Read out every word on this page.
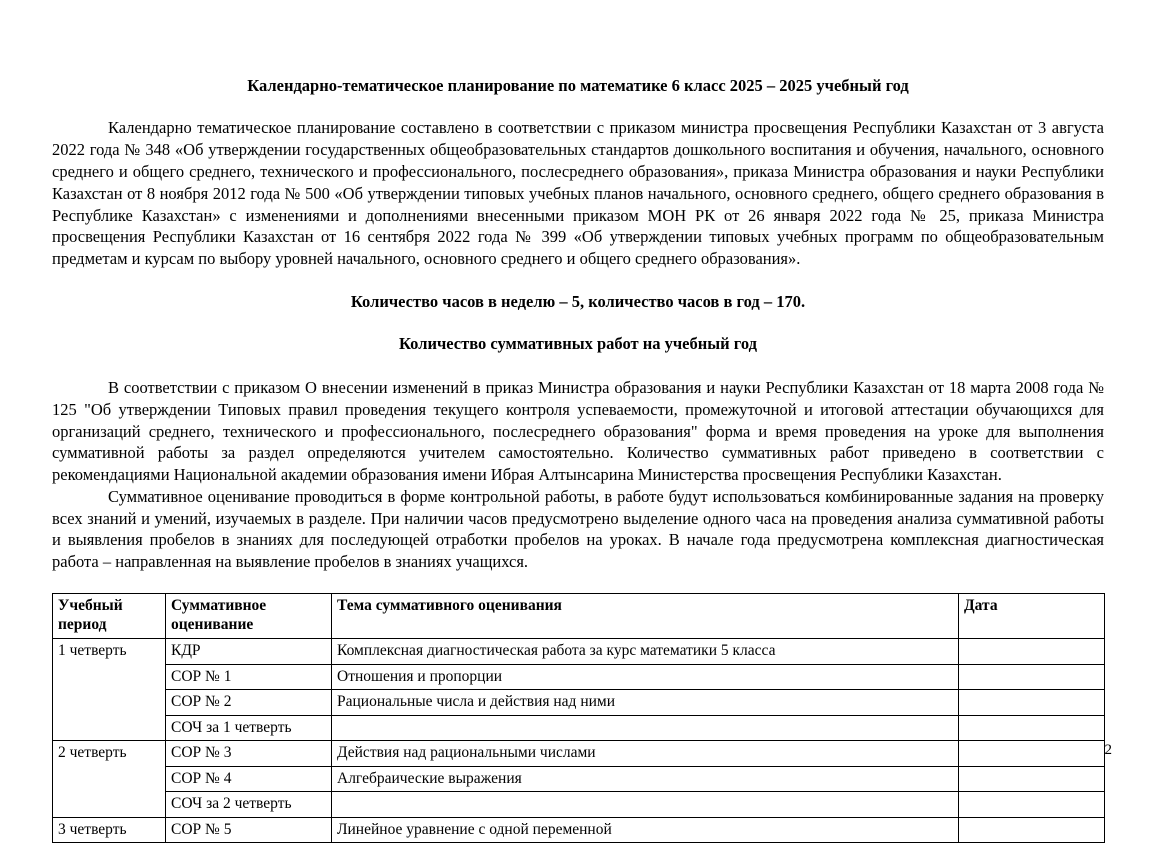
Календарно-тематическое планирование по математике 6 класс 2025 – 2025 учебный год

Календарно тематическое планирование составлено в соответствии с приказом министра просвещения Республики Казахстан от 3 августа 2022 года № 348 «Об утверждении государственных общеобразовательных стандартов дошкольного воспитания и обучения, начального, основного среднего и общего среднего, технического и профессионального, послесреднего образования», приказа Министра образования и науки Республики Казахстан от 8 ноября 2012 года № 500 «Об утверждении типовых учебных планов начального, основного среднего, общего среднего образования в Республике Казахстан» с изменениями и дополнениями внесенными приказом МОН РК от 26 января 2022 года № 25, приказа Министра просвещения Республики Казахстан от 16 сентября 2022 года № 399 «Об утверждении типовых учебных программ по общеобразовательным предметам и курсам по выбору уровней начального, основного среднего и общего среднего образования».

Количество часов в неделю – 5, количество часов в год – 170.

Количество суммативных работ на учебный год

В соответствии с приказом О внесении изменений в приказ Министра образования и науки Республики Казахстан от 18 марта 2008 года № 125 "Об утверждении Типовых правил проведения текущего контроля успеваемости, промежуточной и итоговой аттестации обучающихся для организаций среднего, технического и профессионального, послесреднего образования" форма и время проведения на уроке для выполнения суммативной работы за раздел определяются учителем самостоятельно. Количество суммативных работ приведено в соответствии с рекомендациями Национальной академии образования имени Ибрая Алтынсарина Министерства просвещения Республики Казахстан.

Суммативное оценивание проводиться в форме контрольной работы, в работе будут использоваться комбинированные задания на проверку всех знаний и умений, изучаемых в разделе. При наличии часов предусмотрено выделение одного часа на проведения анализа суммативной работы и выявления пробелов в знаниях для последующей отработки пробелов на уроках. В начале года предусмотрена комплексная диагностическая работа – направленная на выявление пробелов в знаниях учащихся.

Учебный период	Суммативное оценивание	Тема суммативного оценивания	Дата
1 четверть	КДР	Комплексная диагностическая работа за курс математики 5 класса	
	СОР № 1	Отношения и пропорции	
	СОР № 2	Рациональные числа и действия над ними	
	СОЧ за 1 четверть		
2 четверть	СОР № 3	Действия над рациональными числами	
	СОР № 4	Алгебраические выражения	
	СОЧ за 2 четверть		
3 четверть	СОР № 5	Линейное уравнение с одной переменной	
2
